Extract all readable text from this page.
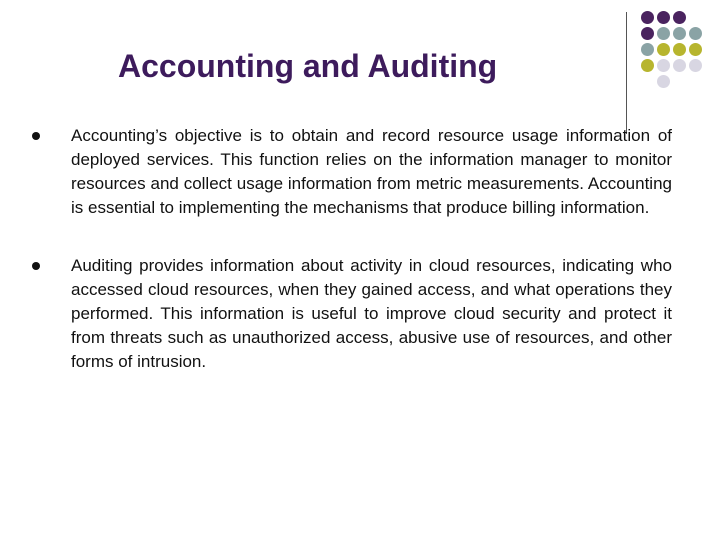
Accounting and Auditing

Accounting’s objective is to obtain and record resource usage information of deployed services. This function relies on the information manager to monitor resources and collect usage information from metric measurements. Accounting is essential to implementing the mechanisms that produce billing information.

Auditing provides information about activity in cloud resources, indicating who accessed cloud resources, when they gained access, and what operations they performed. This information is useful to improve cloud security and protect it from threats such as unauthorized access, abusive use of resources, and other forms of intrusion.
